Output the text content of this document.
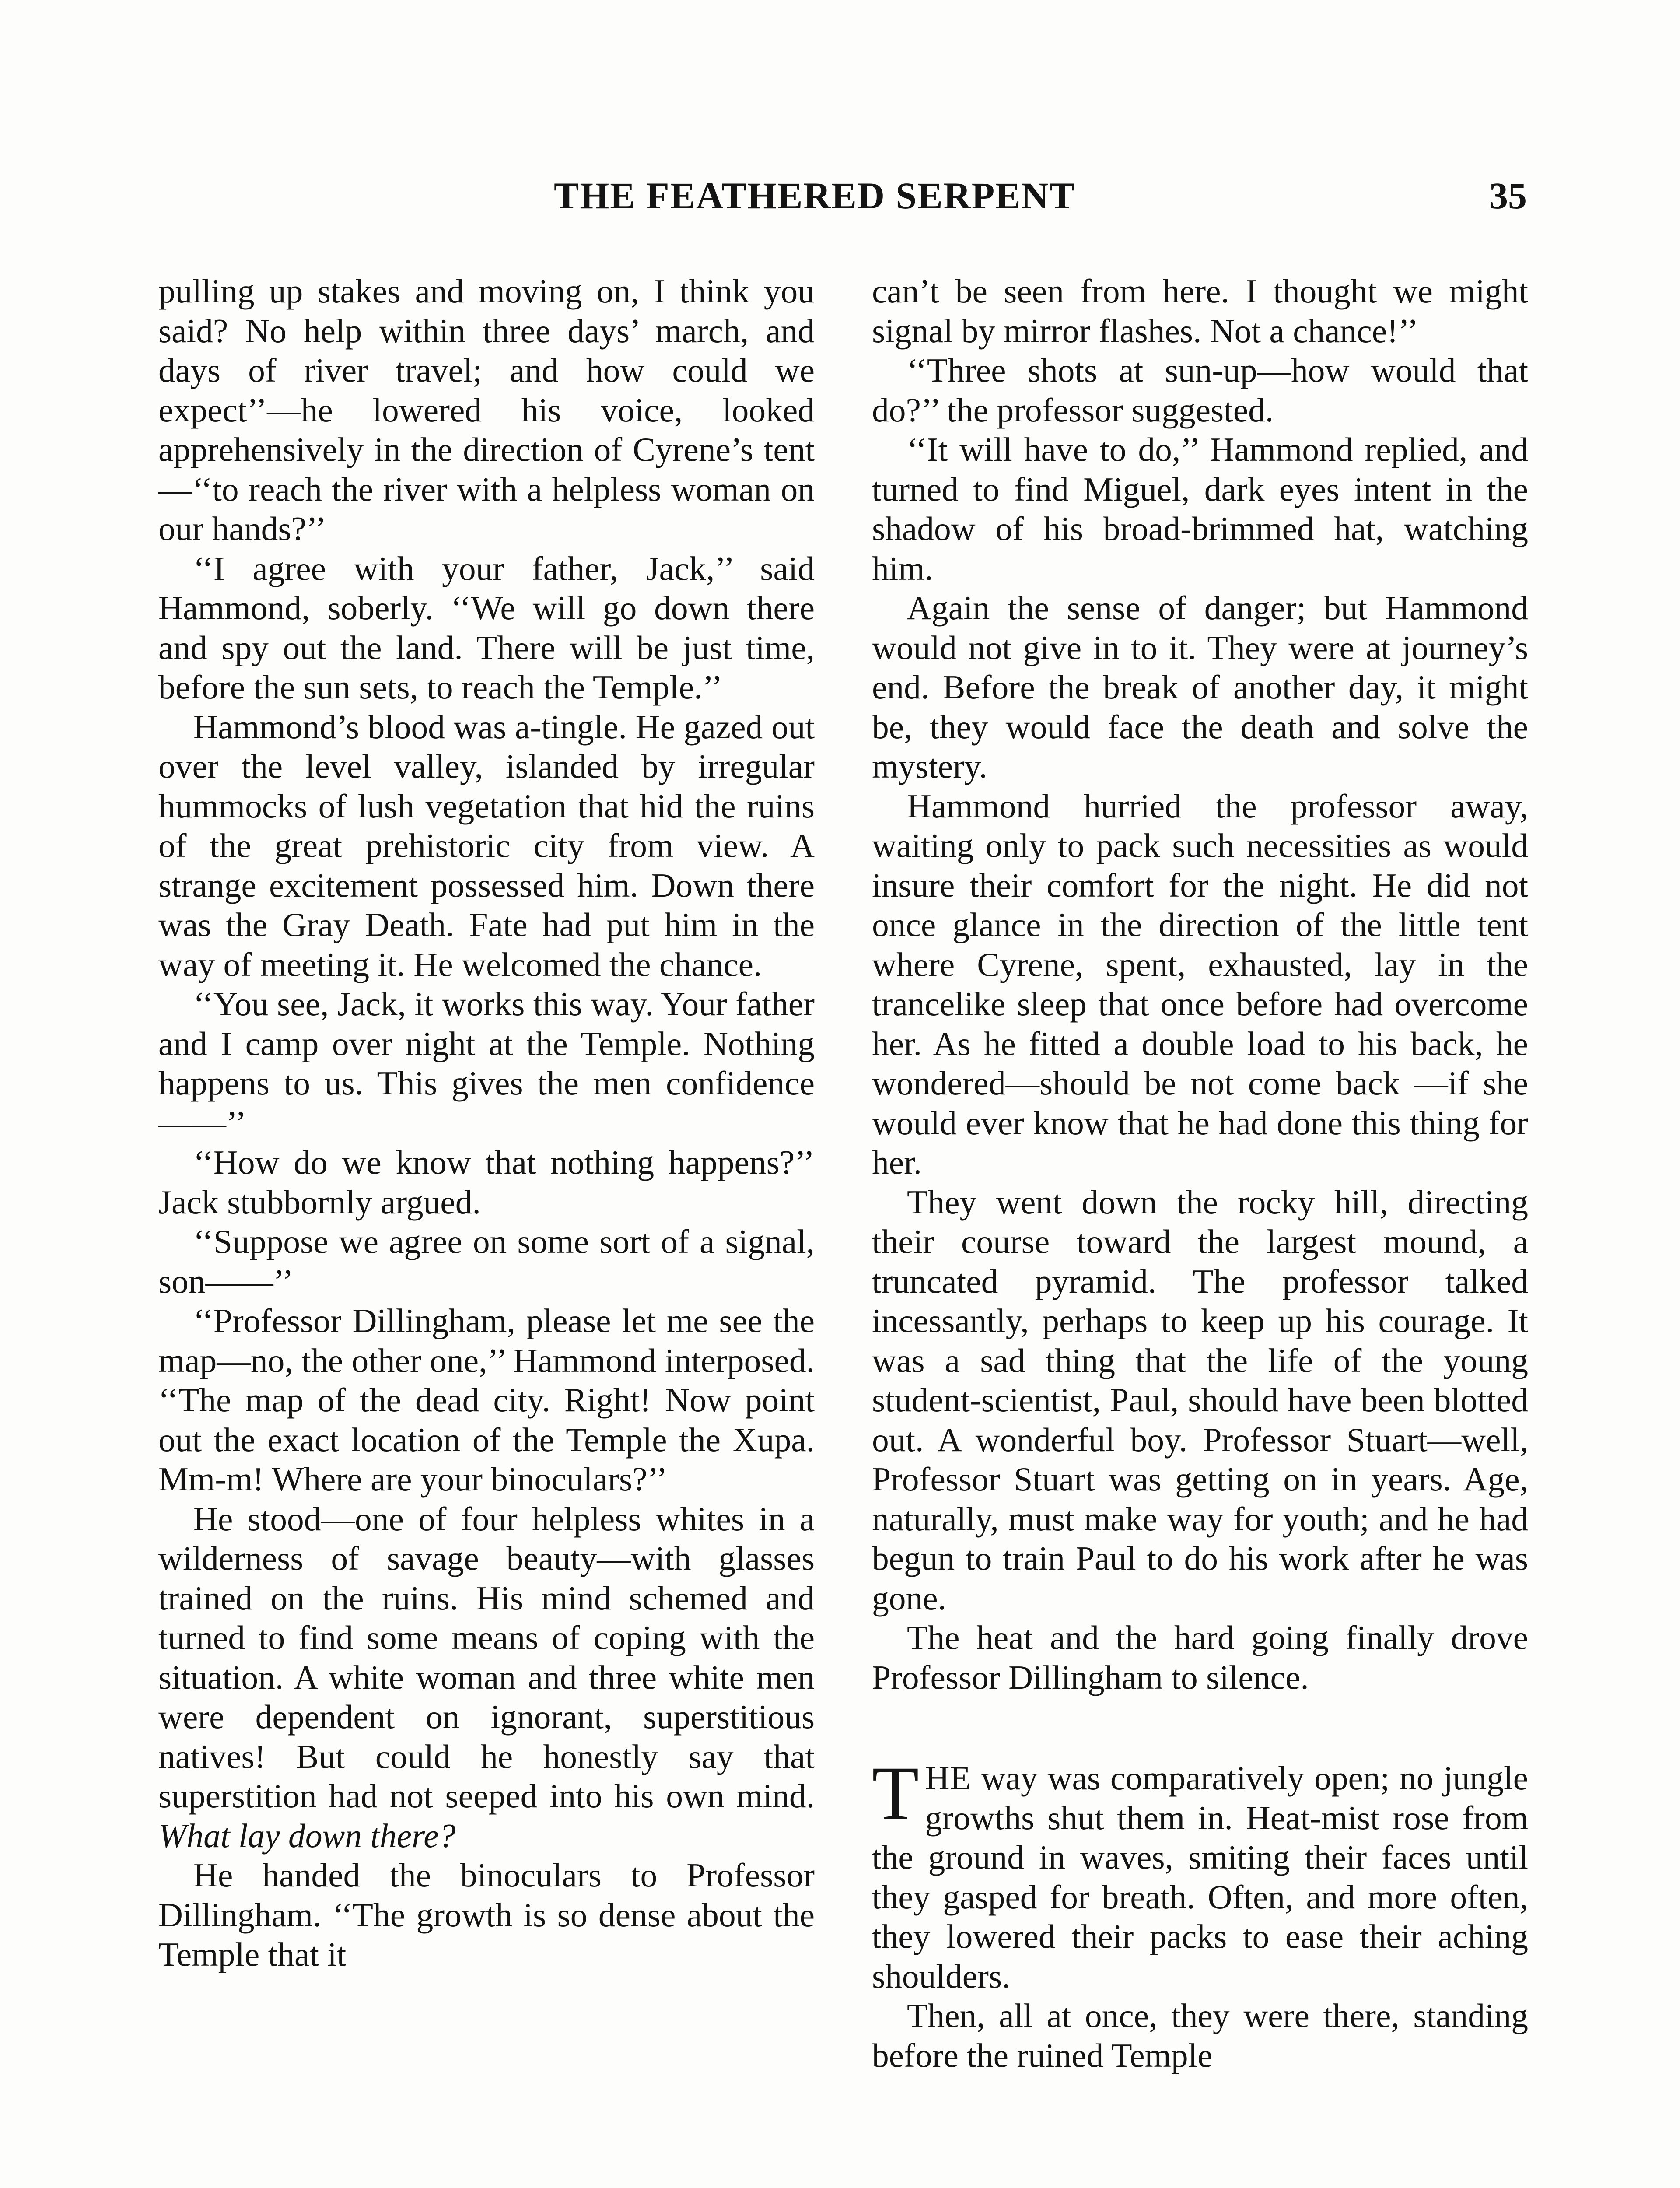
THE FEATHERED SERPENT	35

pulling up stakes and moving on, I think you said? No help within three days’ march, and days of river travel; and how could we expect’’—he lowered his voice, looked apprehensively in the direction of Cyrene’s tent—‘‘to reach the river with a helpless woman on our hands?’’

‘‘I agree with your father, Jack,’’ said Hammond, soberly. ‘‘We will go down there and spy out the land. There will be just time, before the sun sets, to reach the Temple.’’

Hammond’s blood was a-tingle. He gazed out over the level valley, islanded by irregular hummocks of lush vegetation that hid the ruins of the great prehistoric city from view. A strange excitement possessed him. Down there was the Gray Death. Fate had put him in the way of meeting it. He welcomed the chance.

‘‘You see, Jack, it works this way. Your father and I camp over night at the Temple. Nothing happens to us. This gives the men confidence——’’

‘‘How do we know that nothing happens?’’ Jack stubbornly argued.

‘‘Suppose we agree on some sort of a signal, son——’’

‘‘Professor Dillingham, please let me see the map—no, the other one,’’ Hammond interposed. ‘‘The map of the dead city. Right! Now point out the exact location of the Temple the Xupa. Mm-m! Where are your binoculars?’’

He stood—one of four helpless whites in a wilderness of savage beauty—with glasses trained on the ruins. His mind schemed and turned to find some means of coping with the situation. A white woman and three white men were dependent on ignorant, superstitious natives! But could he honestly say that superstition had not seeped into his own mind. What lay down there?

He handed the binoculars to Professor Dillingham. ‘‘The growth is so dense about the Temple that it

can’t be seen from here. I thought we might signal by mirror flashes. Not a chance!’’

‘‘Three shots at sun-up—how would that do?’’ the professor suggested.

‘‘It will have to do,’’ Hammond replied, and turned to find Miguel, dark eyes intent in the shadow of his broad-brimmed hat, watching him.

Again the sense of danger; but Hammond would not give in to it. They were at journey’s end. Before the break of another day, it might be, they would face the death and solve the mystery.

Hammond hurried the professor away, waiting only to pack such necessities as would insure their comfort for the night. He did not once glance in the direction of the little tent where Cyrene, spent, exhausted, lay in the trancelike sleep that once before had overcome her. As he fitted a double load to his back, he wondered—should be not come back —if she would ever know that he had done this thing for her.

They went down the rocky hill, directing their course toward the largest mound, a truncated pyramid. The professor talked incessantly, perhaps to keep up his courage. It was a sad thing that the life of the young student-scientist, Paul, should have been blotted out. A wonderful boy. Professor Stuart—well, Professor Stuart was getting on in years. Age, naturally, must make way for youth; and he had begun to train Paul to do his work after he was gone.

The heat and the hard going finally drove Professor Dillingham to silence.

THE way was comparatively open; no jungle growths shut them in. Heat-mist rose from the ground in waves, smiting their faces until they gasped for breath. Often, and more often, they lowered their packs to ease their aching shoulders.

Then, all at once, they were there, standing before the ruined Temple
